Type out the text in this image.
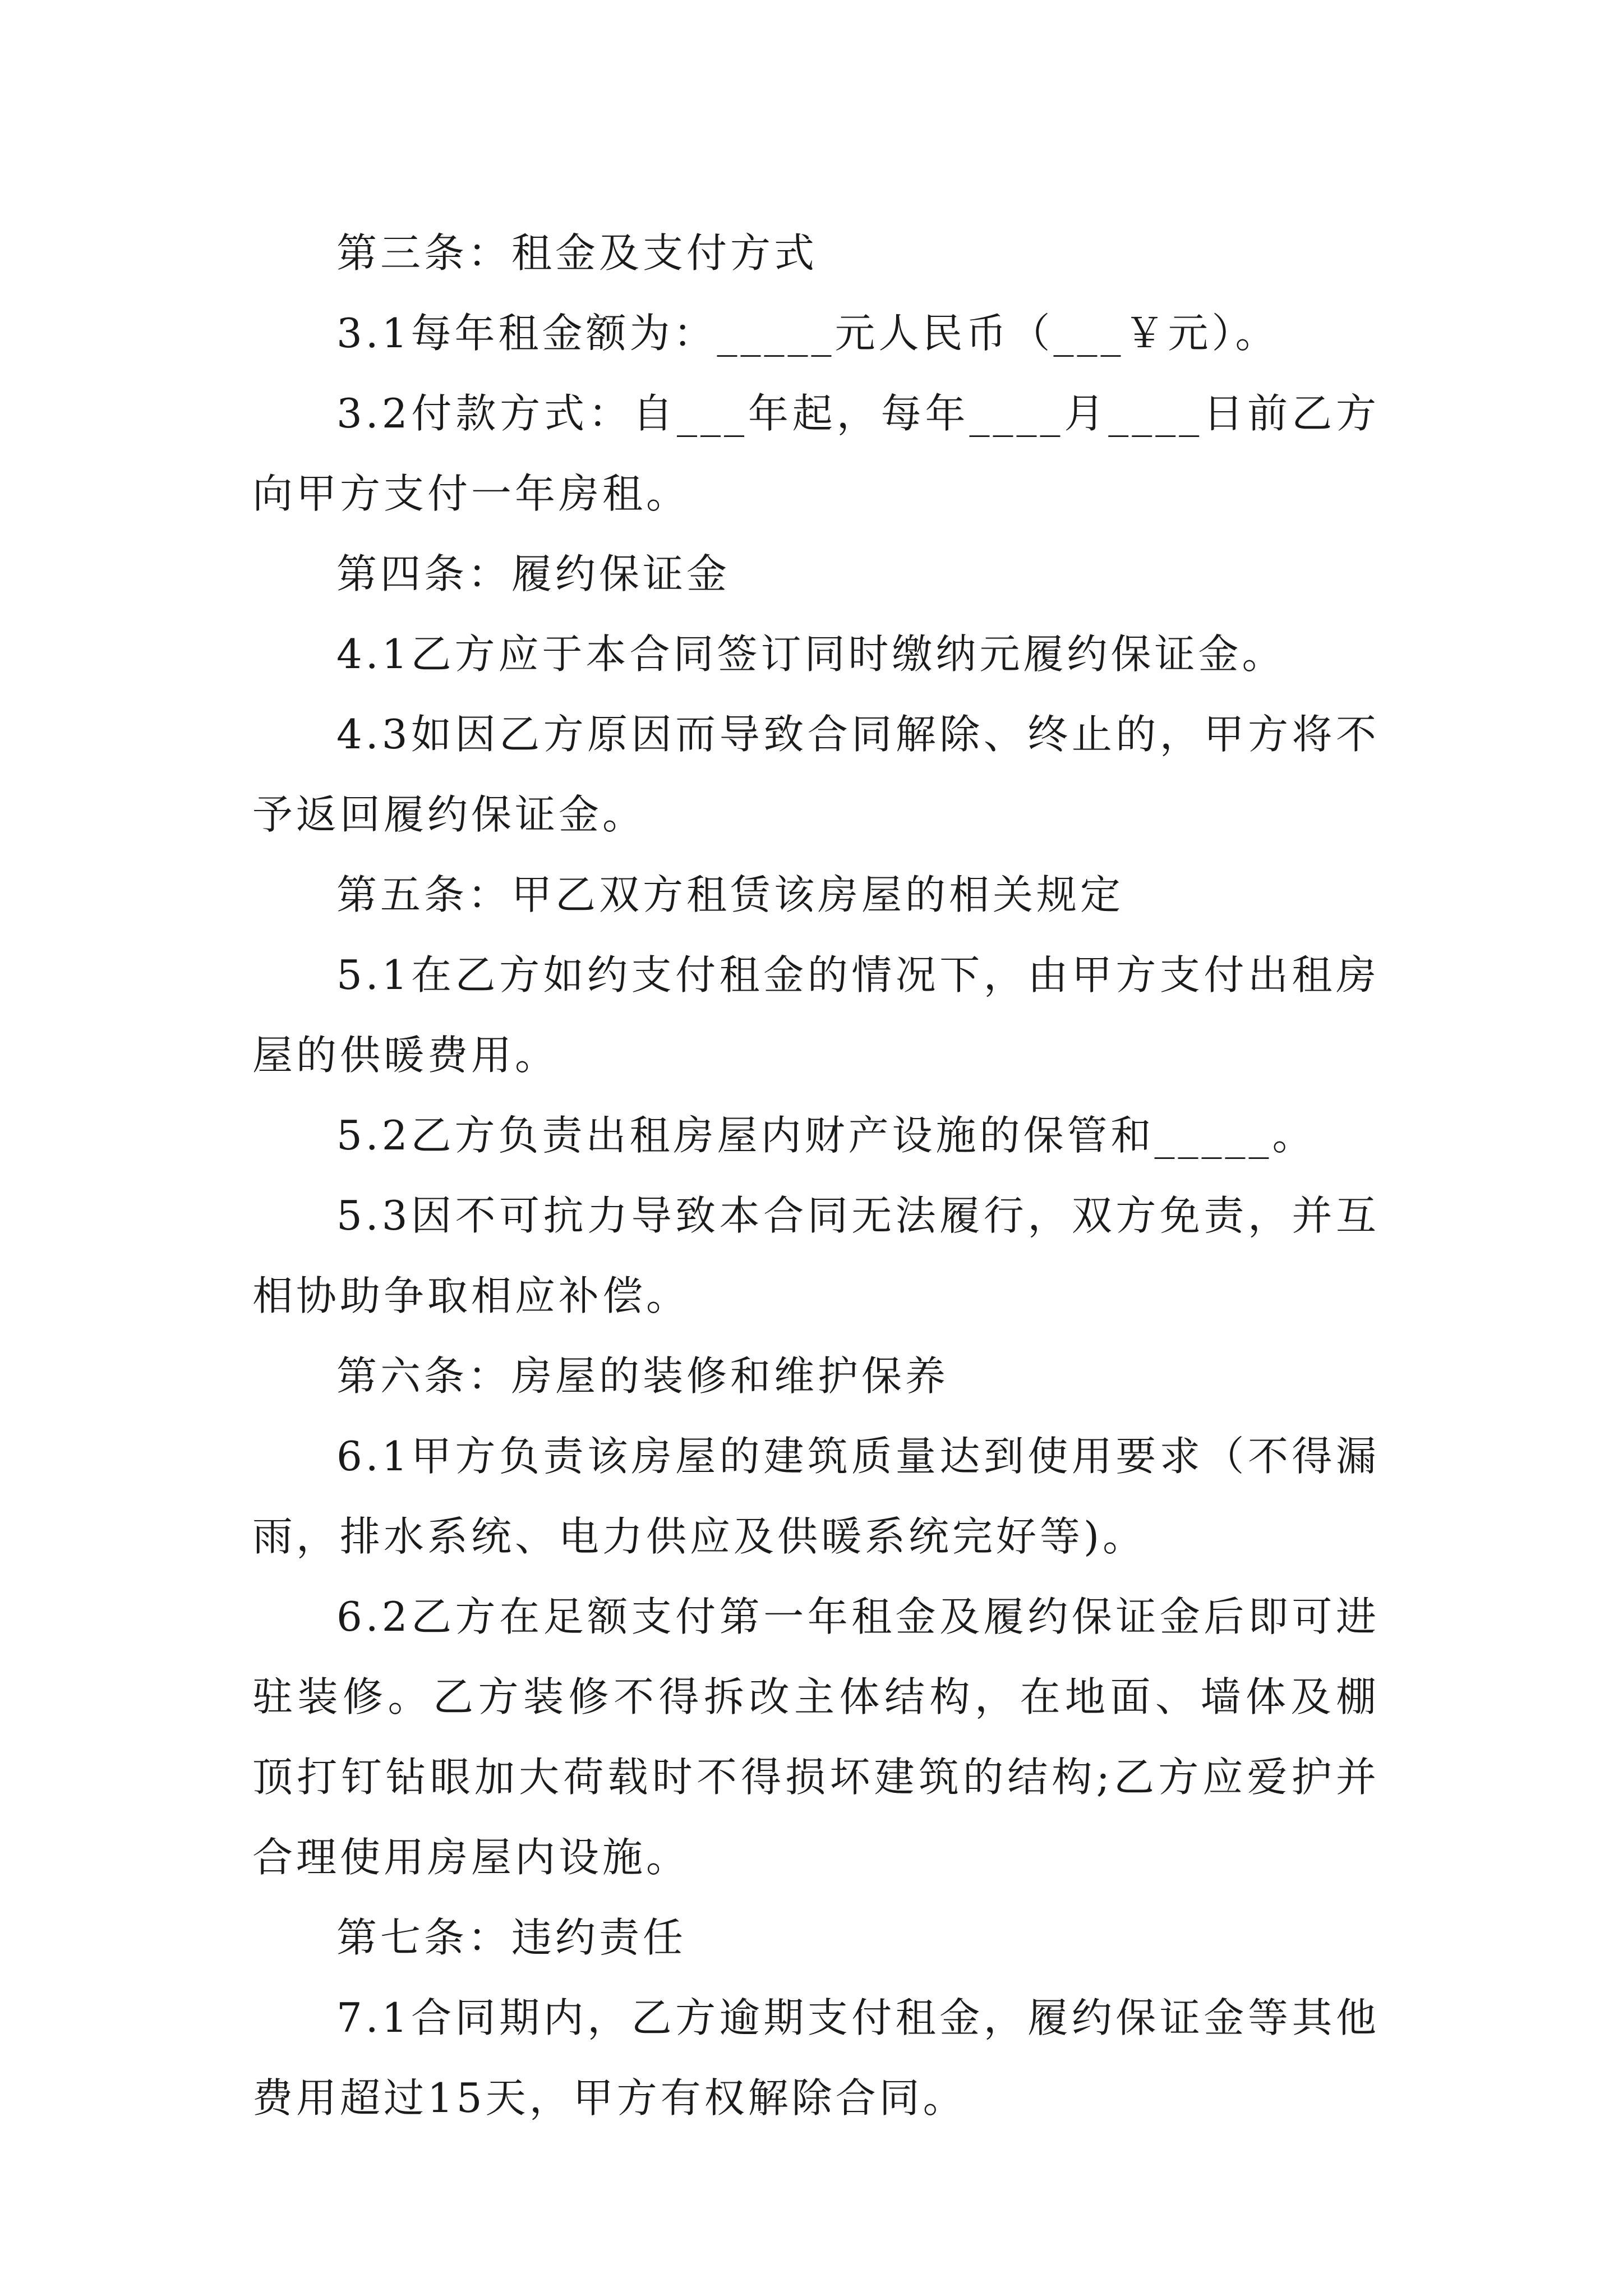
第三条：租金及支付方式

3.1每年租金额为：_____元人民币（___￥元）。

3.2付款方式：自___年起，每年____月____日前乙方向甲方支付一年房租。

第四条：履约保证金

4.1乙方应于本合同签订同时缴纳元履约保证金。

4.3如因乙方原因而导致合同解除、终止的，甲方将不予返回履约保证金。

第五条：甲乙双方租赁该房屋的相关规定

5.1在乙方如约支付租金的情况下，由甲方支付出租房屋的供暖费用。

5.2乙方负责出租房屋内财产设施的保管和_____。

5.3因不可抗力导致本合同无法履行，双方免责，并互相协助争取相应补偿。

第六条：房屋的装修和维护保养

6.1甲方负责该房屋的建筑质量达到使用要求（不得漏雨，排水系统、电力供应及供暖系统完好等)。

6.2乙方在足额支付第一年租金及履约保证金后即可进驻装修。乙方装修不得拆改主体结构，在地面、墙体及棚顶打钉钻眼加大荷载时不得损坏建筑的结构;乙方应爱护并合理使用房屋内设施。

第七条：违约责任

7.1合同期内，乙方逾期支付租金，履约保证金等其他费用超过15天，甲方有权解除合同。
